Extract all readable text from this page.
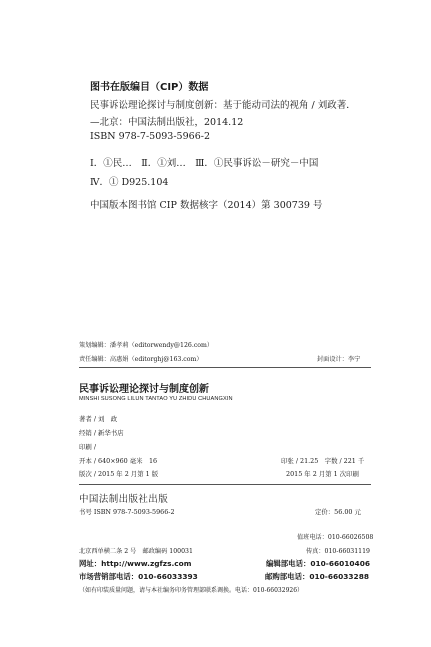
图书在版编目（CIP）数据
民事诉讼理论探讨与制度创新：基于能动司法的视角 / 刘政著．
—北京：中国法制出版社，2014.12
ISBN 978-7-5093-5966-2
Ⅰ．①民…　Ⅱ．①刘…　Ⅲ．①民事诉讼－研究－中国
Ⅳ．① D925.104
中国版本图书馆 CIP 数据核字（2014）第 300739 号
策划编辑：潘孝莉（editorwendy@126.com）
责任编辑：高惠娟（editorghj@163.com）	封面设计：李宁
民事诉讼理论探讨与制度创新
MINSHI SUSONG LILUN TANTAO YU ZHIDU CHUANGXIN
著者 / 刘　政
经销 / 新华书店
印刷 /
开本 / 640×960 毫米　16	印张 / 21.25　字数 / 221 千
版次 / 2015 年 2 月第 1 版	2015 年 2 月第 1 次印刷
中国法制出版社出版
书号 ISBN 978-7-5093-5966-2	定价：56.00 元
值班电话：010-66026508
北京西单横二条 2 号　邮政编码 100031	传真：010-66031119
网址：http://www.zgfzs.com	编辑部电话：010-66010406
市场营销部电话：010-66033393	邮购部电话：010-66033288
（如有印装质量问题，请与本社编务印务管理部联系调换。电话：010-66032926）
